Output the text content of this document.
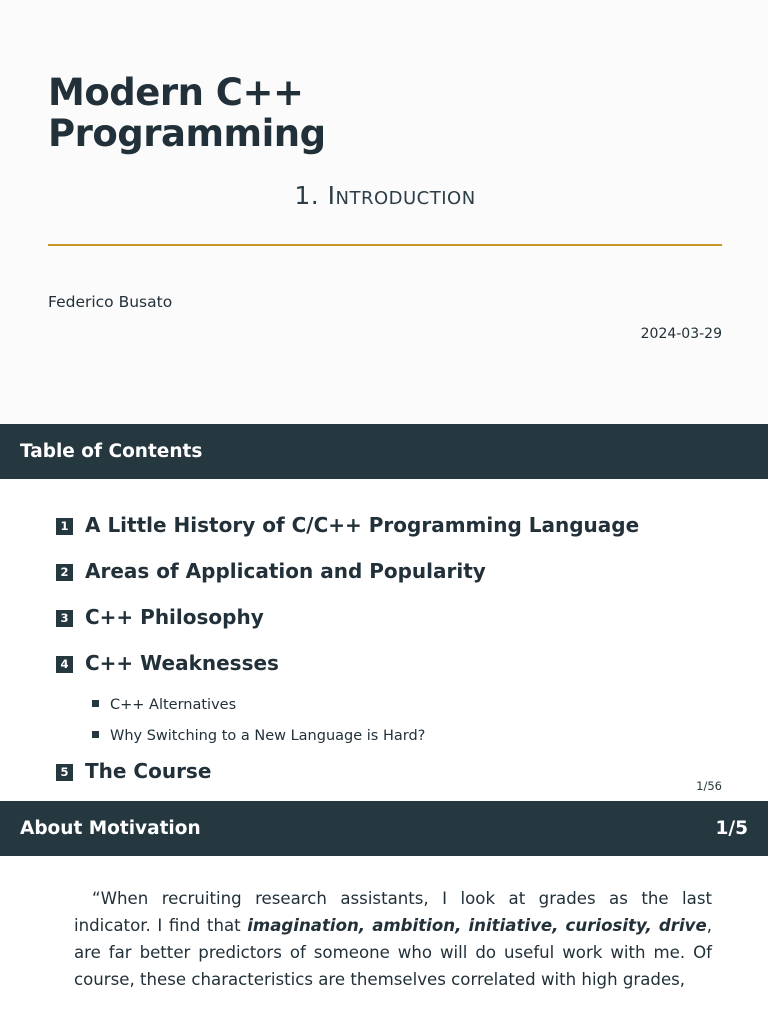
Modern C++ Programming
1. Introduction
Federico Busato
2024-03-29
Table of Contents
1 A Little History of C/C++ Programming Language
2 Areas of Application and Popularity
3 C++ Philosophy
4 C++ Weaknesses
C++ Alternatives
Why Switching to a New Language is Hard?
5 The Course
1/56
About Motivation	1/5
“When recruiting research assistants, I look at grades as the last indicator. I find that imagination, ambition, initiative, curiosity, drive, are far better predictors of someone who will do useful work with me. Of course, these characteristics are themselves correlated with high grades,
